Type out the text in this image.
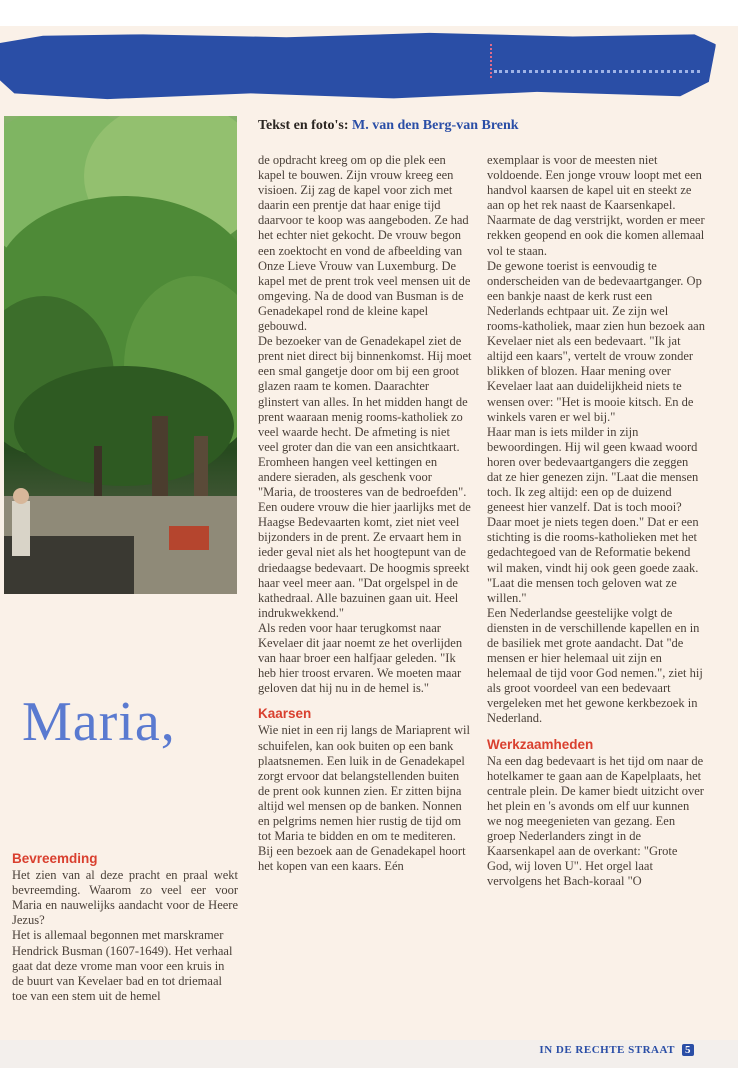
Tekst en foto's: M. van den Berg-van Brenk
Maria,
Bevreemding

Het zien van al deze pracht en praal wekt bevreemding. Waarom zo veel eer voor Maria en nauwelijks aandacht voor de Heere Jezus?

Het is allemaal begonnen met marskramer Hendrick Busman (1607-1649). Het verhaal gaat dat deze vrome man voor een kruis in de buurt van Kevelaer bad en tot driemaal toe van een stem uit de hemel

de opdracht kreeg om op die plek een kapel te bouwen. Zijn vrouw kreeg een visioen. Zij zag de kapel voor zich met daarin een prentje dat haar enige tijd daarvoor te koop was aangeboden. Ze had het echter niet gekocht. De vrouw begon een zoektocht en vond de afbeelding van Onze Lieve Vrouw van Luxemburg. De kapel met de prent trok veel mensen uit de omgeving. Na de dood van Busman is de Genadekapel rond de kleine kapel gebouwd.

De bezoeker van de Genadekapel ziet de prent niet direct bij binnenkomst. Hij moet een smal gangetje door om bij een groot glazen raam te komen. Daarachter glinstert van alles. In het midden hangt de prent waaraan menig rooms-katholiek zo veel waarde hecht. De afmeting is niet veel groter dan die van een ansichtkaart. Eromheen hangen veel kettingen en andere sieraden, als geschenk voor "Maria, de troosteres van de bedroefden".

Een oudere vrouw die hier jaarlijks met de Haagse Bedevaarten komt, ziet niet veel bijzonders in de prent. Ze ervaart hem in ieder geval niet als het hoogtepunt van de driedaagse bedevaart. De hoogmis spreekt haar veel meer aan. "Dat orgelspel in de kathedraal. Alle bazuinen gaan uit. Heel indrukwekkend."

Als reden voor haar terugkomst naar Kevelaer dit jaar noemt ze het overlijden van haar broer een halfjaar geleden. "Ik heb hier troost ervaren. We moeten maar geloven dat hij nu in de hemel is."

Kaarsen

Wie niet in een rij langs de Mariaprent wil schuifelen, kan ook buiten op een bank plaatsnemen. Een luik in de Genadekapel zorgt ervoor dat belangstellenden buiten de prent ook kunnen zien. Er zitten bijna altijd wel mensen op de banken. Nonnen en pelgrims nemen hier rustig de tijd om tot Maria te bidden en om te mediteren.

Bij een bezoek aan de Genadekapel hoort het kopen van een kaars. Eén

exemplaar is voor de meesten niet voldoende. Een jonge vrouw loopt met een handvol kaarsen de kapel uit en steekt ze aan op het rek naast de Kaarsenkapel. Naarmate de dag verstrijkt, worden er meer rekken geopend en ook die komen allemaal vol te staan.

De gewone toerist is eenvoudig te onderscheiden van de bedevaartganger. Op een bankje naast de kerk rust een Nederlands echtpaar uit. Ze zijn wel rooms-katholiek, maar zien hun bezoek aan Kevelaer niet als een bedevaart. "Ik jat altijd een kaars", vertelt de vrouw zonder blikken of blozen. Haar mening over Kevelaer laat aan duidelijkheid niets te wensen over: "Het is mooie kitsch. En de winkels varen er wel bij."

Haar man is iets milder in zijn bewoordingen. Hij wil geen kwaad woord horen over bedevaartgangers die zeggen dat ze hier genezen zijn. "Laat die mensen toch. Ik zeg altijd: een op de duizend geneest hier vanzelf. Dat is toch mooi? Daar moet je niets tegen doen." Dat er een stichting is die rooms-katholieken met het gedachtegoed van de Reformatie bekend wil maken, vindt hij ook geen goede zaak. "Laat die mensen toch geloven wat ze willen."

Een Nederlandse geestelijke volgt de diensten in de verschillende kapellen en in de basiliek met grote aandacht. Dat "de mensen er hier helemaal uit zijn en helemaal de tijd voor God nemen.", ziet hij als groot voordeel van een bedevaart vergeleken met het gewone kerkbezoek in Nederland.

Werkzaamheden

Na een dag bedevaart is het tijd om naar de hotelkamer te gaan aan de Kapelplaats, het centrale plein. De kamer biedt uitzicht over het plein en 's avonds om elf uur kunnen we nog meegenieten van gezang. Een groep Nederlanders zingt in de Kaarsenkapel aan de overkant: "Grote God, wij loven U". Het orgel laat vervolgens het Bach-koraal "O

IN DE RECHTE STRAAT 5
